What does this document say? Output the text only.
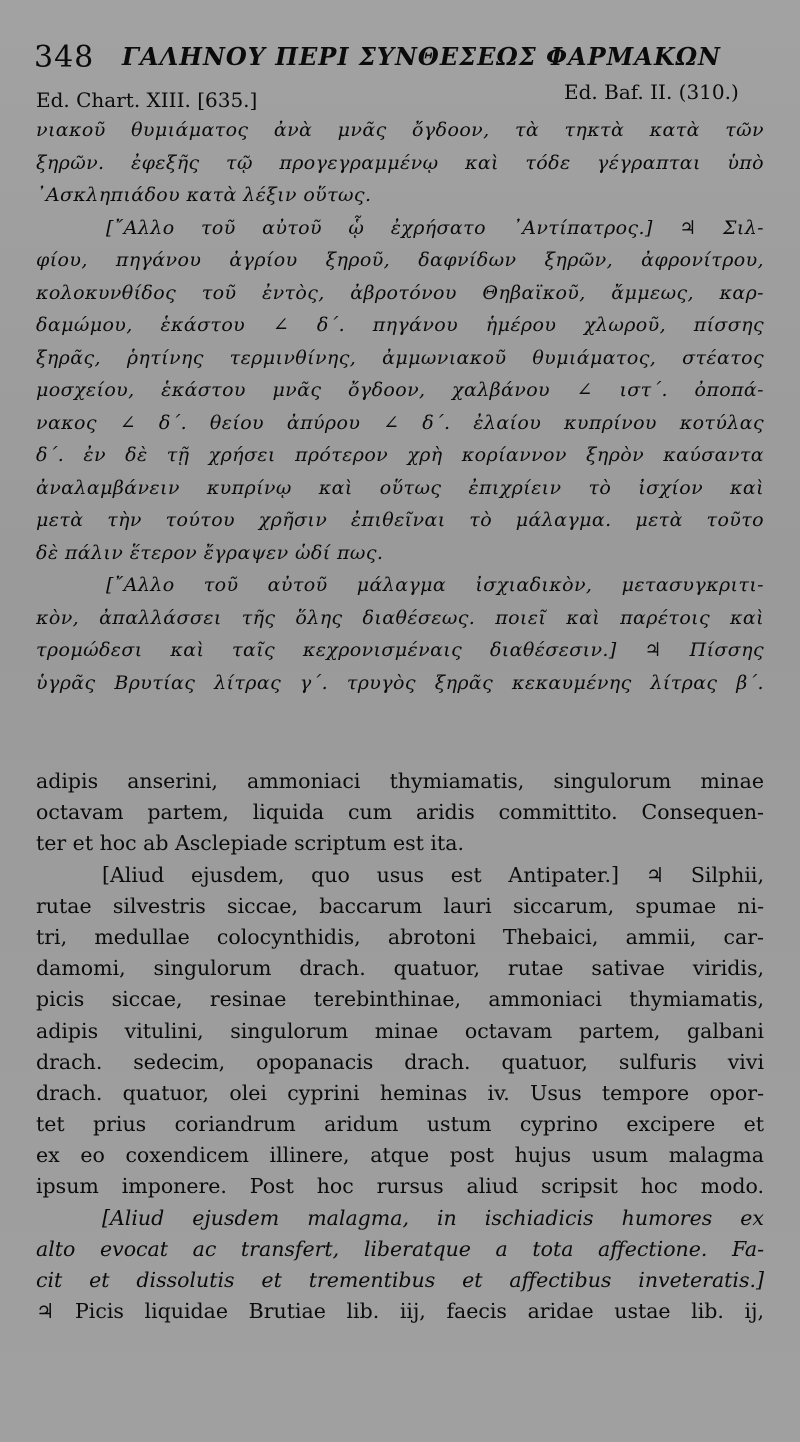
348 ΓΑΛΗΝΟΥ ΠΕΡΙ ΣΥΝΘΕΣΕΩΣ ΦΑΡΜΑΚΩΝ
Ed. Chart. XIII. [635.]	Ed. Baf. II. (310.)
νιακοῦ θυμιάματος ἀνὰ μνᾶς ὄγδοον, τὰ τηκτὰ κατὰ τῶν
ξηρῶν. ἐφεξῆς τῷ προγεγραμμένῳ καὶ τόδε γέγραπται ὑπὸ
᾿Ασκληπιάδου κατὰ λέξιν οὕτως.
[῎Αλλο τοῦ αὐτοῦ ᾧ ἐχρήσατο ᾿Αντίπατρος.] ♃ Σιλ-
φίου, πηγάνου ἀγρίου ξηροῦ, δαφνίδων ξηρῶν, ἀφρονίτρου,
κολοκυνθίδος τοῦ ἐντὸς, ἀβροτόνου Θηβαϊκοῦ, ἄμμεως, καρ-
δαμώμου, ἑκάστου ∠ δ΄. πηγάνου ἡμέρου χλωροῦ, πίσσης
ξηρᾶς, ῥητίνης τερμινθίνης, ἀμμωνιακοῦ θυμιάματος, στέατος
μοσχείου, ἑκάστου μνᾶς ὄγδοον, χαλβάνου ∠ ιστ΄. ὀποπά-
νακος ∠ δ΄. θείου ἀπύρου ∠ δ΄. ἐλαίου κυπρίνου κοτύλας
δ΄. ἐν δὲ τῇ χρήσει πρότερον χρὴ κορίαννον ξηρὸν καύσαντα
ἀναλαμβάνειν κυπρίνῳ καὶ οὕτως ἐπιχρίειν τὸ ἰσχίον καὶ
μετὰ τὴν τούτου χρῆσιν ἐπιθεῖναι τὸ μάλαγμα. μετὰ τοῦτο
δὲ πάλιν ἕτερον ἔγραψεν ὡδί πως.
[῎Αλλο τοῦ αὐτοῦ μάλαγμα ἰσχιαδικὸν, μετασυγκριτι-
κὸν, ἀπαλλάσσει τῆς ὅλης διαθέσεως. ποιεῖ καὶ παρέτοις καὶ
τρομώδεσι καὶ ταῖς κεχρονισμέναις διαθέσεσιν.] ♃ Πίσσης
ὑγρᾶς Βρυτίας λίτρας γ΄. τρυγὸς ξηρᾶς κεκαυμένης λίτρας β΄.
adipis anserini, ammoniaci thymiamatis, singulorum minae
octavam partem, liquida cum aridis committito. Consequen-
ter et hoc ab Asclepiade scriptum est ita.
[Aliud ejusdem, quo usus est Antipater.] ♃ Silphii,
rutae silvestris siccae, baccarum lauri siccarum, spumae ni-
tri, medullae colocynthidis, abrotoni Thebaici, ammii, car-
damomi, singulorum drach. quatuor, rutae sativae viridis,
picis siccae, resinae terebinthinae, ammoniaci thymiamatis,
adipis vitulini, singulorum minae octavam partem, galbani
drach. sedecim, opopanacis drach. quatuor, sulfuris vivi
drach. quatuor, olei cyprini heminas iv. Usus tempore opor-
tet prius coriandrum aridum ustum cyprino excipere et
ex eo coxendicem illinere, atque post hujus usum malagma
ipsum imponere. Post hoc rursus aliud scripsit hoc modo.
[Aliud ejusdem malagma, in ischiadicis humores ex
alto evocat ac transfert, liberatque a tota affectione. Fa-
cit et dissolutis et trementibus et affectibus inveteratis.]
♃ Picis liquidae Brutiae lib. iij, faecis aridae ustae lib. ij,
